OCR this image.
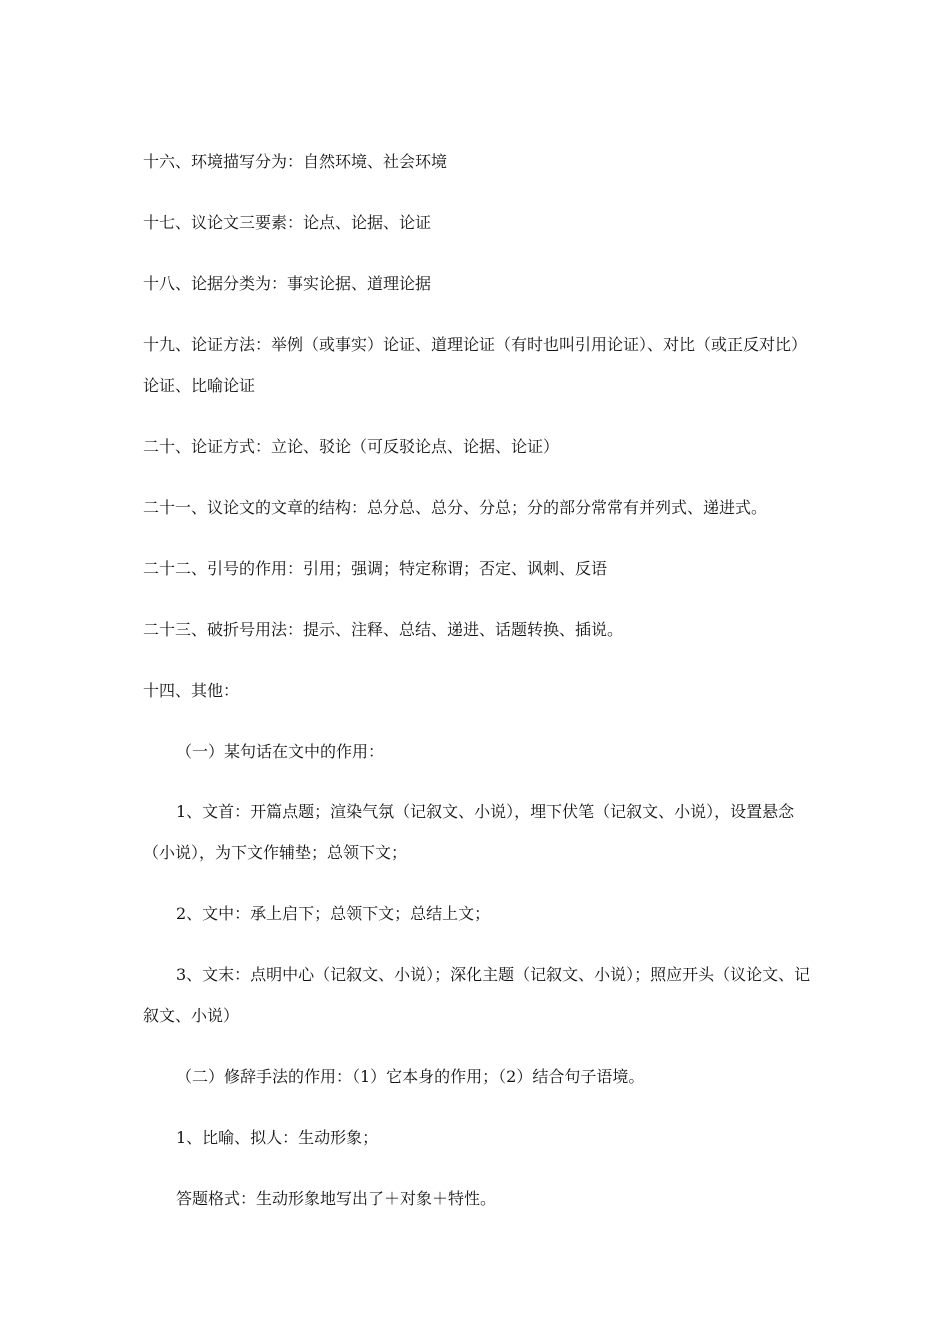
十六、环境描写分为：自然环境、社会环境

十七、议论文三要素：论点、论据、论证

十八、论据分类为：事实论据、道理论据

十九、论证方法：举例（或事实）论证、道理论证（有时也叫引用论证）、对比（或正反对比）论证、比喻论证

二十、论证方式：立论、驳论（可反驳论点、论据、论证）

二十一、议论文的文章的结构：总分总、总分、分总；分的部分常常有并列式、递进式。

二十二、引号的作用：引用；强调；特定称谓；否定、讽刺、反语

二十三、破折号用法：提示、注释、总结、递进、话题转换、插说。

十四、其他：

（一）某句话在文中的作用：

1、文首：开篇点题；渲染气氛（记叙文、小说），埋下伏笔（记叙文、小说），设置悬念（小说），为下文作辅垫；总领下文；

2、文中：承上启下；总领下文；总结上文；

3、文末：点明中心（记叙文、小说）；深化主题（记叙文、小说）；照应开头（议论文、记叙文、小说）

（二）修辞手法的作用：（1）它本身的作用；（2）结合句子语境。

1、比喻、拟人：生动形象；

答题格式：生动形象地写出了＋对象＋特性。
